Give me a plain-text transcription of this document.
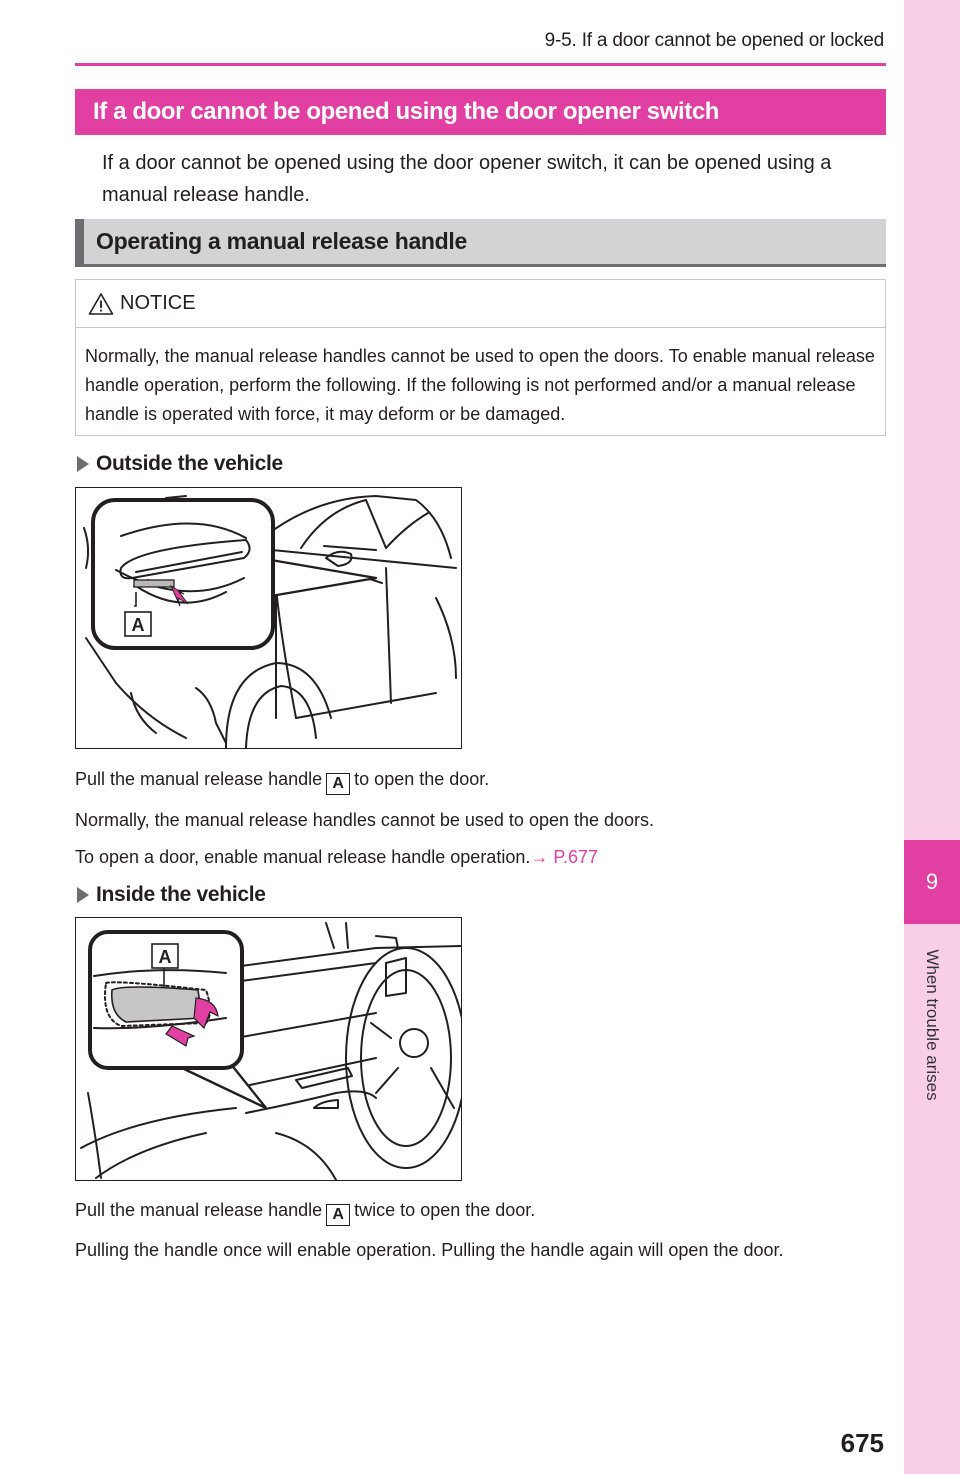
9
When trouble arises
9-5. If a door cannot be opened or locked
If a door cannot be opened using the door opener switch

If a door cannot be opened using the door opener switch, it can be opened using a manual release handle.

Operating a manual release handle
NOTICE

Normally, the manual release handles cannot be used to open the doors. To enable manual release handle operation, perform the following. If the following is not performed and/or a manual release handle is operated with force, it may deform or be damaged.

Outside the vehicle
A
Pull the manual release handle A to open the door.
Normally, the manual release handles cannot be used to open the doors.
To open a door, enable manual release handle operation.→ P.677
Inside the vehicle
A
Pull the manual release handle A twice to open the door.
Pulling the handle once will enable operation. Pulling the handle again will open the door.
675
